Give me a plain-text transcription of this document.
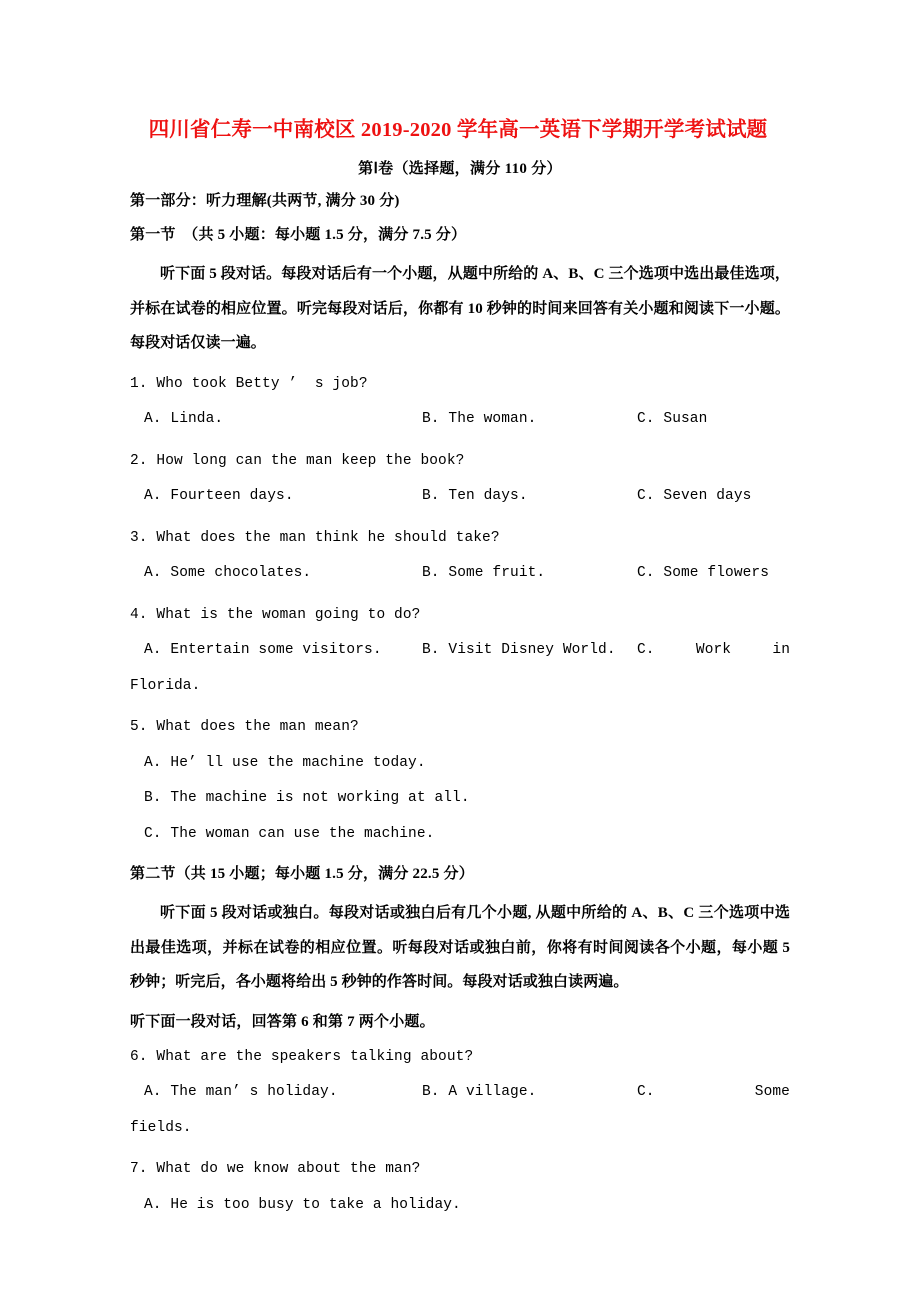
四川省仁寿一中南校区 2019-2020 学年高一英语下学期开学考试试题
第Ⅰ卷（选择题，满分 110 分）
第一部分：听力理解(共两节, 满分 30 分)
第一节　（共 5 小题：每小题 1.5 分，满分 7.5 分）
听下面 5 段对话。每段对话后有一个小题，从题中所给的 A、B、C 三个选项中选出最佳选项，并标在试卷的相应位置。听完每段对话后，你都有 10 秒钟的时间来回答有关小题和阅读下一小题。每段对话仅读一遍。
1. Who took Betty ’  s job?
A. Linda.	B. The woman.	C. Susan
2. How long can the man keep the book?
A. Fourteen days.	B. Ten days.	C. Seven days
3. What does the man think he should take?
A. Some chocolates.	B. Some fruit.	C. Some flowers
4. What is the woman going to do?
A. Entertain some visitors.	B. Visit Disney World.	C.	Work	in
Florida.
5. What does the man mean?
A. He’ ll use the machine today.
B. The machine is not working at all.
C. The woman can use the machine.
第二节（共 15 小题；每小题 1.5 分，满分 22.5 分）
听下面 5 段对话或独白。每段对话或独白后有几个小题, 从题中所给的 A、B、C 三个选项中选出最佳选项，并标在试卷的相应位置。听每段对话或独白前，你将有时间阅读各个小题，每小题 5 秒钟；听完后，各小题将给出 5 秒钟的作答时间。每段对话或独白读两遍。
听下面一段对话，回答第 6 和第 7 两个小题。
6. What are the speakers talking about?
A. The man’ s holiday.	B. A village.	C.	Some
fields.
7. What do we know about the man?
A. He is too busy to take a holiday.
